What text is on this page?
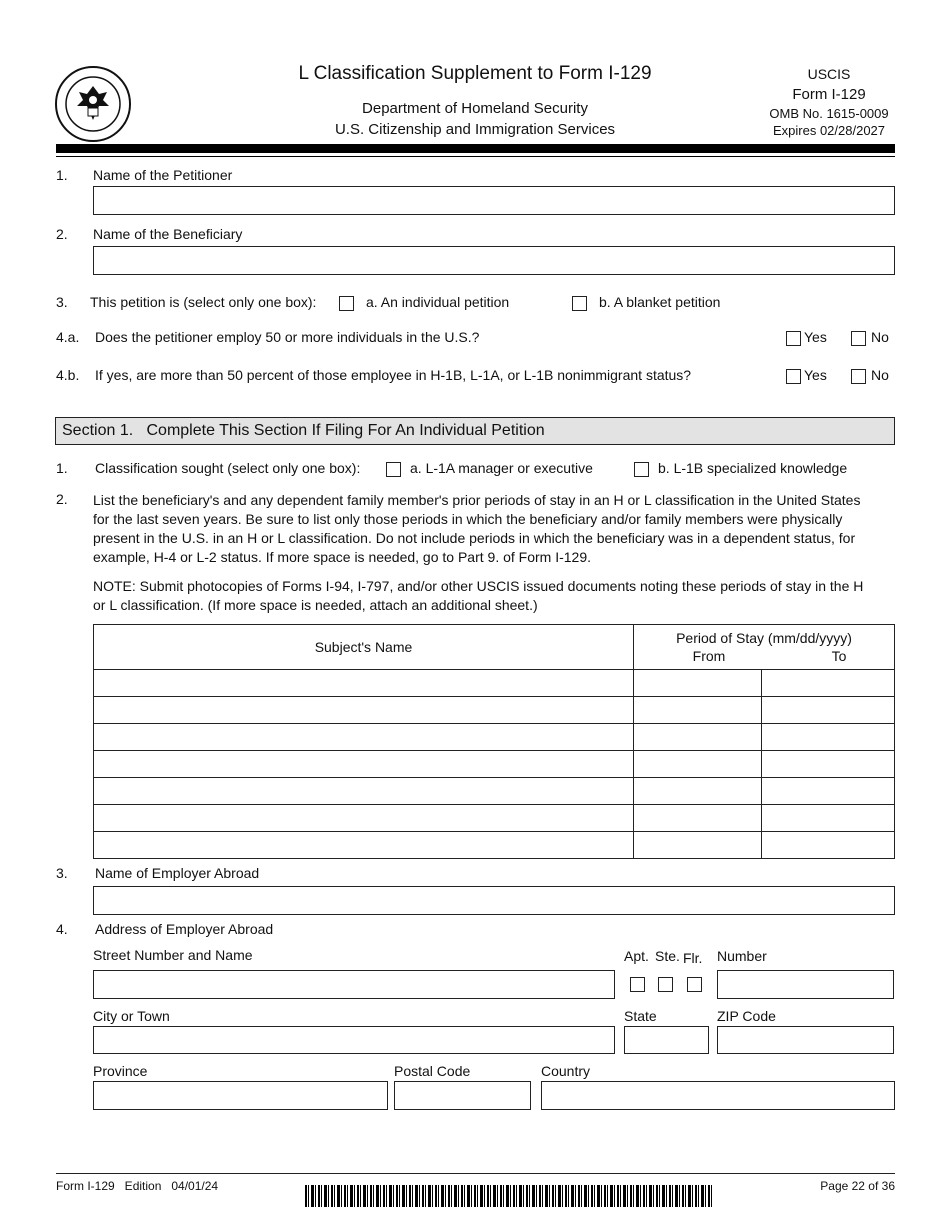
L Classification Supplement to Form I-129
Department of Homeland Security
U.S. Citizenship and Immigration Services
USCIS
Form I-129
OMB No. 1615-0009
Expires 02/28/2027
1. Name of the Petitioner
2. Name of the Beneficiary
3. This petition is (select only one box):	a. An individual petition	b. A blanket petition
4.a. Does the petitioner employ 50 or more individuals in the U.S.?	Yes	No
4.b. If yes, are more than 50 percent of those employee in H-1B, L-1A, or L-1B nonimmigrant status?	Yes	No
Section 1.   Complete This Section If Filing For An Individual Petition
1. Classification sought (select only one box):	a. L-1A manager or executive	b. L-1B specialized knowledge
2. List the beneficiary's and any dependent family member's prior periods of stay in an H or L classification in the United States
for the last seven years. Be sure to list only those periods in which the beneficiary and/or family members were physically
present in the U.S. in an H or L classification. Do not include periods in which the beneficiary was in a dependent status, for
example, H-4 or L-2 status. If more space is needed, go to Part 9. of Form I-129.
NOTE: Submit photocopies of Forms I-94, I-797, and/or other USCIS issued documents noting these periods of stay in the H
or L classification. (If more space is needed, attach an additional sheet.)
Subject's Name	Period of Stay (mm/dd/yyyy)
From To	

3. Name of Employer Abroad
4. Address of Employer Abroad
Street Number and Name	Apt. Ste. Flr. Number
City or Town	State	ZIP Code
Province	Postal Code	Country
Form I-129   Edition   04/01/24	Page 22 of 36
